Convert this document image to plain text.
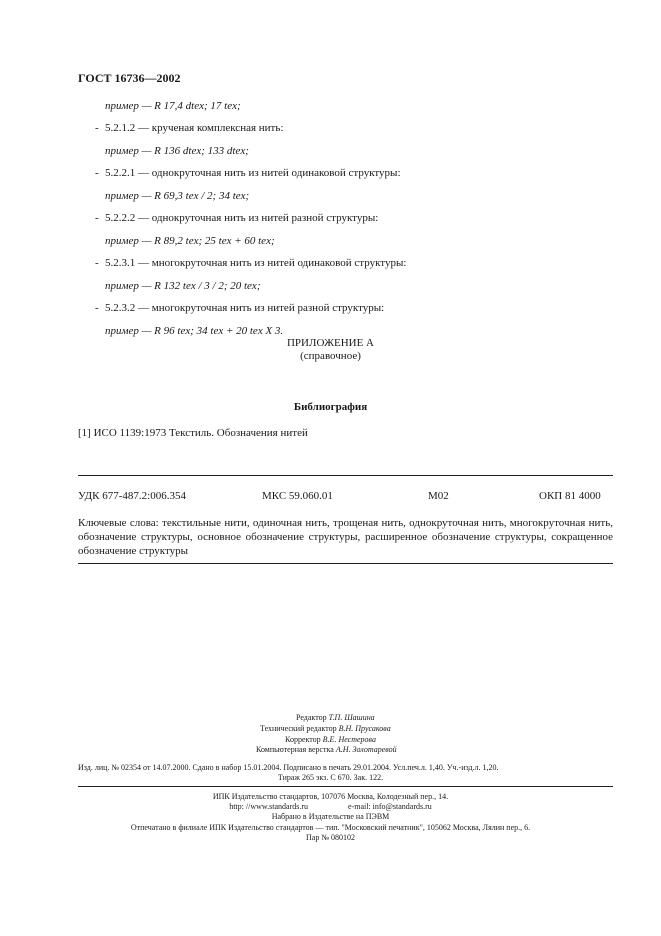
ГОСТ 16736—2002
пример — R 17,4 dtex; 17 tex;
- 5.2.1.2 — крученая комплексная нить:
пример — R 136 dtex; 133 dtex;
- 5.2.2.1 — однокруточная нить из нитей одинаковой структуры:
пример — R 69,3 tex / 2; 34 tex;
- 5.2.2.2 — однокруточная нить из нитей разной структуры:
пример — R 89,2 tex; 25 tex + 60 tex;
- 5.2.3.1 — многокруточная нить из нитей одинаковой структуры:
пример — R 132 tex / 3 / 2; 20 tex;
- 5.2.3.2 — многокруточная нить из нитей разной структуры:
пример — R 96 tex; 34 tex + 20 tex X 3.
ПРИЛОЖЕНИЕ А
(справочное)
Библиография
[1] ИСО 1139:1973 Текстиль. Обозначения нитей
УДК 677-487.2:006.354	МКС 59.060.01	М02	ОКП 81 4000
Ключевые слова: текстильные нити, одиночная нить, трощеная нить, однокруточная нить, многокруточная нить, обозначение структуры, основное обозначение структуры, расширенное обозначение структуры, сокращенное обозначение структуры
Редактор Т.П. Шашина
Технический редактор В.Н. Прусакова
Корректор В.Е. Нестерова
Компьютерная верстка А.Н. Золотаревой
Изд. лиц. № 02354 от 14.07.2000. Сдано в набор 15.01.2004. Подписано в печать 29.01.2004. Усл.печ.л. 1,40. Уч.-изд.л. 1,20.
Тираж 265 экз. С 670. Зак. 122.
ИПК Издательство стандартов, 107076 Москва, Колодезный пер., 14.
http: //www.standards.ru                    e-mail: info@standards.ru
Набрано в Издательстве на ПЭВМ
Отпечатано в филиале ИПК Издательство стандартов — тип. "Московский печатник", 105062 Москва, Лялин пер., 6.
Пар № 080102
